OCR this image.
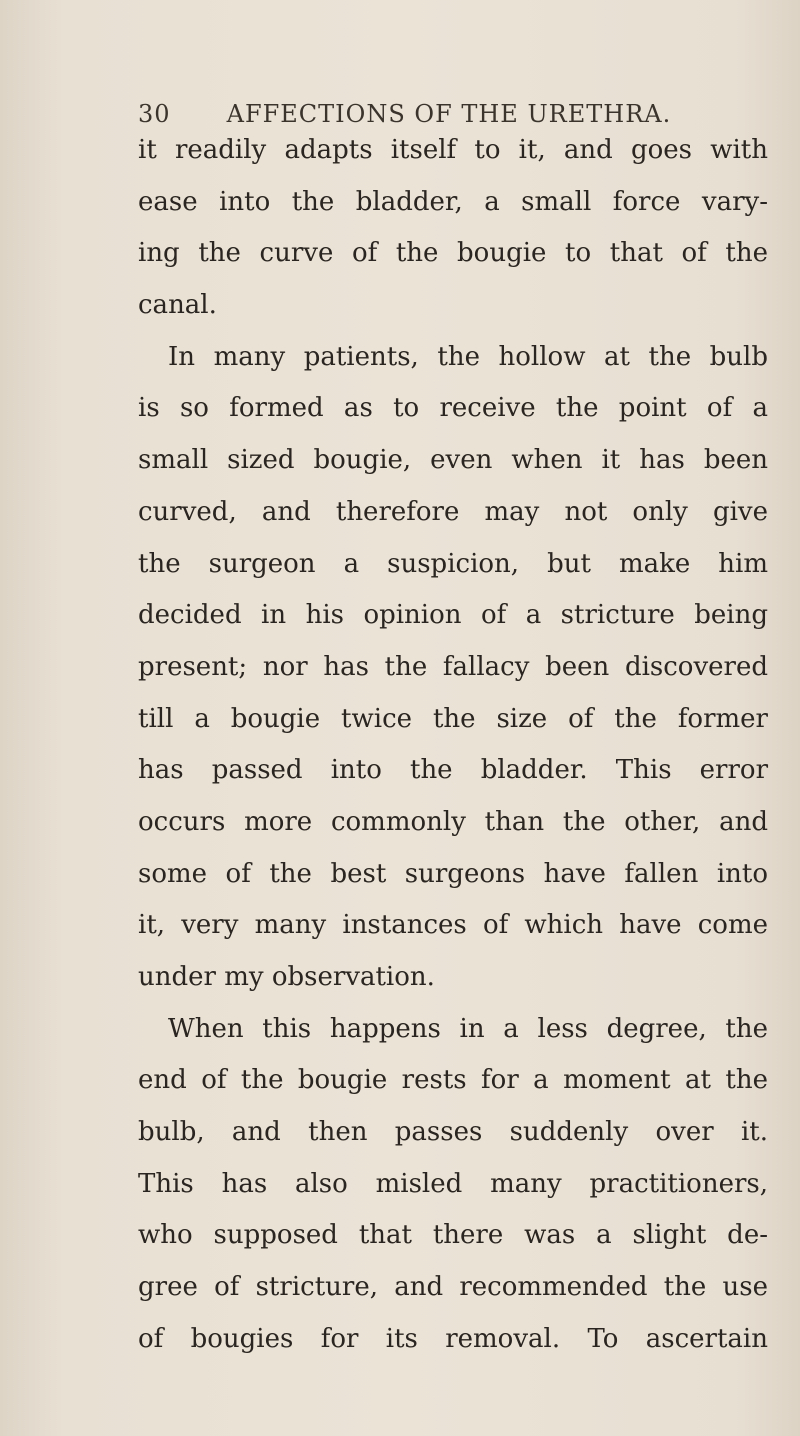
30 AFFECTIONS OF THE URETHRA.
it readily adapts itself to it, and goes with
ease into the bladder, a small force vary-
ing the curve of the bougie to that of the
canal.
In many patients, the hollow at the bulb
is so formed as to receive the point of a
small sized bougie, even when it has been
curved, and therefore may not only give
the surgeon a suspicion, but make him
decided in his opinion of a stricture being
present; nor has the fallacy been discovered
till a bougie twice the size of the former
has passed into the bladder. This error
occurs more commonly than the other, and
some of the best surgeons have fallen into
it, very many instances of which have come
under my observation.
When this happens in a less degree, the
end of the bougie rests for a moment at the
bulb, and then passes suddenly over it.
This has also misled many practitioners,
who supposed that there was a slight de-
gree of stricture, and recommended the use
of bougies for its removal. To ascertain
